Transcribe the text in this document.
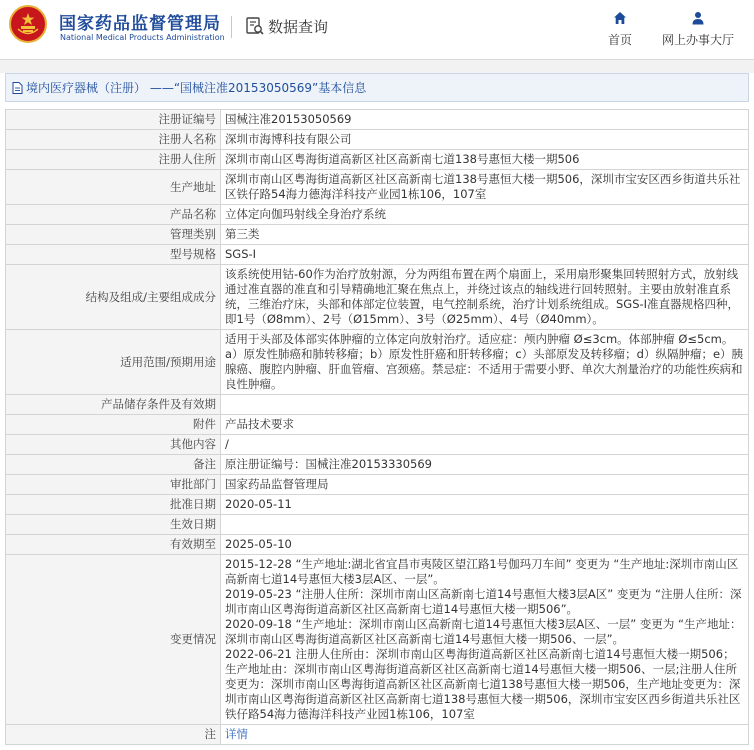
国家药品监督管理局
National Medical Products Administration
数据查询
首页	网上办事大厅
境内医疗器械（注册） ——“国械注准20153050569”基本信息
注册证编号	国械注准20153050569
注册人名称	深圳市海博科技有限公司
注册人住所	深圳市南山区粤海街道高新区社区高新南七道138号惠恒大楼一期506
生产地址	深圳市南山区粤海街道高新区社区高新南七道138号惠恒大楼一期506，深圳市宝安区西乡街道共乐社区铁仔路54海力德海洋科技产业园1栋106，107室
产品名称	立体定向伽玛射线全身治疗系统
管理类别	第三类
型号规格	SGS-I
结构及组成/主要组成成分	该系统使用钴-60作为治疗放射源，分为两组布置在两个扇面上，采用扇形聚集回转照射方式，放射线通过准直器的准直和引导精确地汇聚在焦点上，并绕过该点的轴线进行回转照射。主要由放射准直系统，三维治疗床，头部和体部定位装置，电气控制系统，治疗计划系统组成。SGS-I准直器规格四种，即1号（Ø8mm）、2号（Ø15mm）、3号（Ø25mm）、4号（Ø40mm）。
适用范围/预期用途	适用于头部及体部实体肿瘤的立体定向放射治疗。适应症：颅内肿瘤 Ø≤3cm。体部肿瘤 Ø≤5cm。a）原发性肺癌和肺转移瘤；b）原发性肝癌和肝转移瘤；c）头部原发及转移瘤；d）纵隔肿瘤；e）胰腺癌、腹腔内肿瘤、肝血管瘤、宫颈癌。禁忌症：不适用于需要小野、单次大剂量治疗的功能性疾病和良性肿瘤。
产品储存条件及有效期	
附件	产品技术要求
其他内容	/
备注	原注册证编号：国械注准20153330569
审批部门	国家药品监督管理局
批准日期	2020-05-11
生效日期	
有效期至	2025-05-10
变更情况	2015-12-28 “生产地址:湖北省宜昌市夷陵区望江路1号伽玛刀车间” 变更为 “生产地址:深圳市南山区高新南七道14号惠恒大楼3层A区、一层”。
2019-05-23 “注册人住所：深圳市南山区高新南七道14号惠恒大楼3层A区” 变更为 “注册人住所：深圳市南山区粤海街道高新区社区高新南七道14号惠恒大楼一期506”。
2020-09-18 “生产地址：深圳市南山区高新南七道14号惠恒大楼3层A区、一层” 变更为 “生产地址：深圳市南山区粤海街道高新区社区高新南七道14号惠恒大楼一期506、一层”。
2022-06-21 注册人住所由：深圳市南山区粤海街道高新区社区高新南七道14号惠恒大楼一期506；生产地址由：深圳市南山区粤海街道高新区社区高新南七道14号惠恒大楼一期506、一层;注册人住所变更为：深圳市南山区粤海街道高新区社区高新南七道138号惠恒大楼一期506，生产地址变更为：深圳市南山区粤海街道高新区社区高新南七道138号惠恒大楼一期506，深圳市宝安区西乡街道共乐社区铁仔路54海力德海洋科技产业园1栋106，107室
注	详情
